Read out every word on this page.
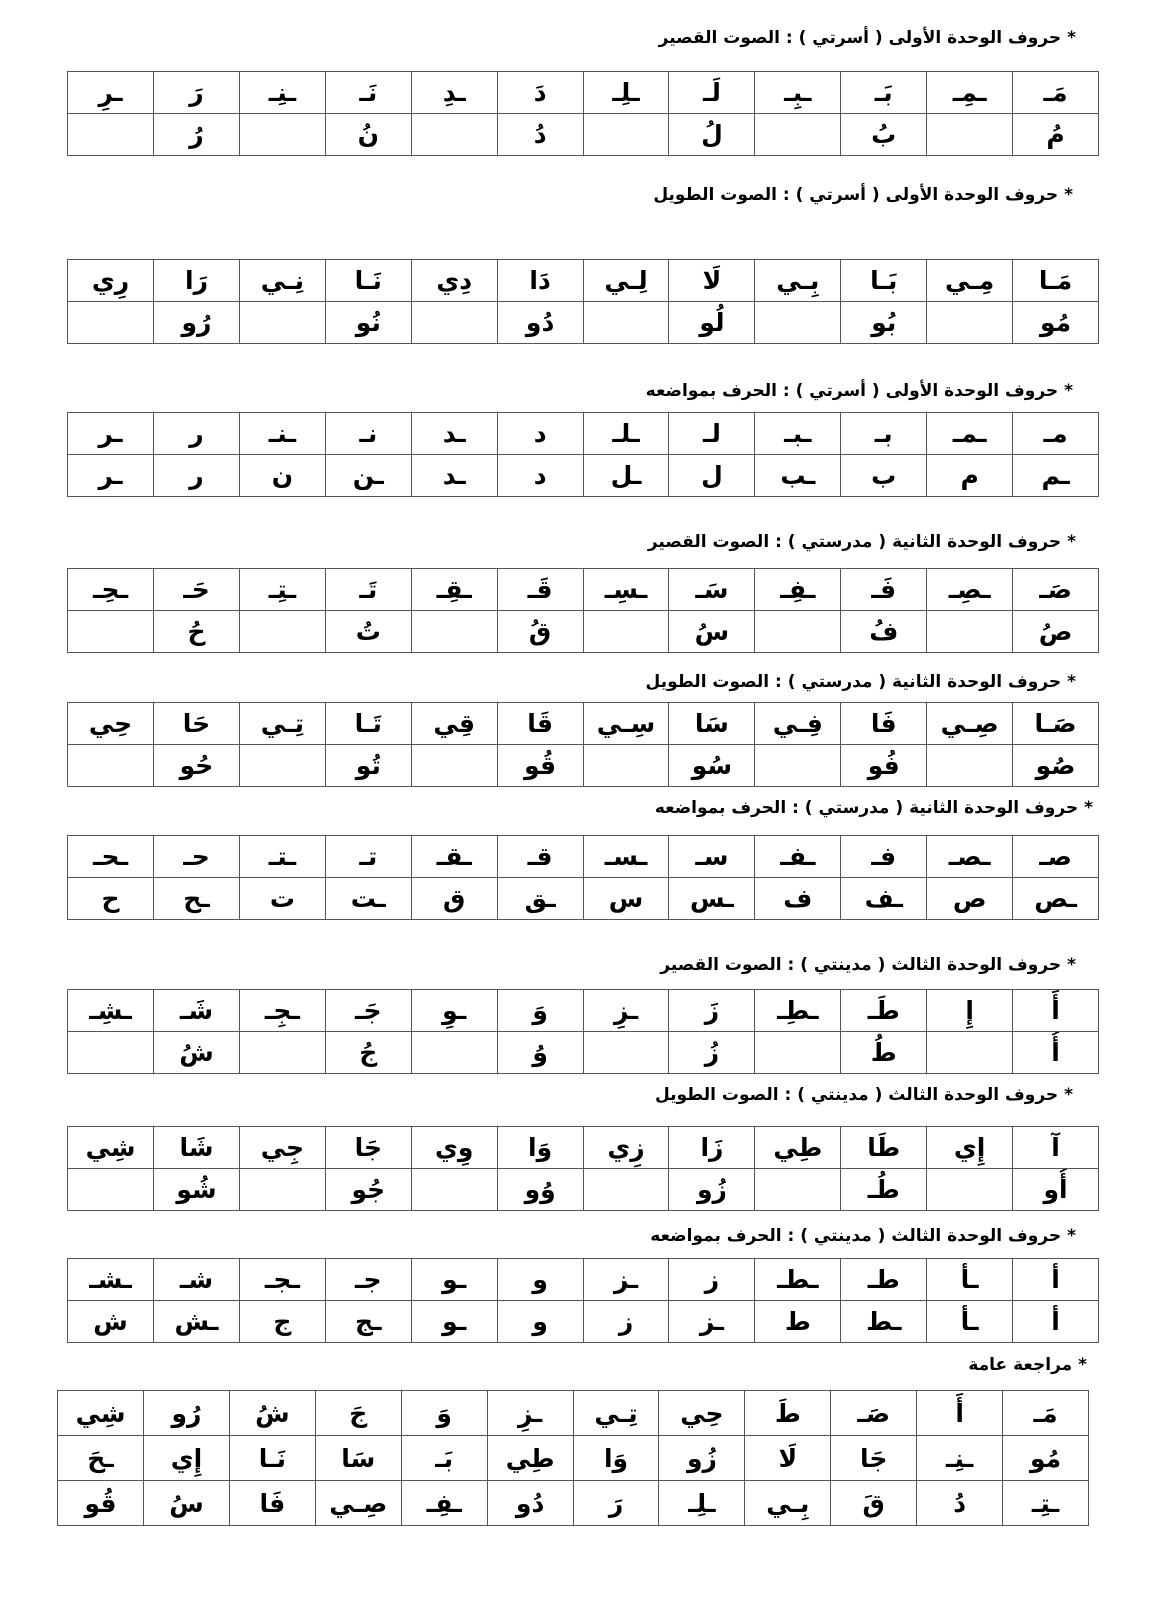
* حروف الوحدة الأولى ( أسرتي ) : الصوت القصير
مَـ	ـمِـ	بَـ	ـبِـ	لَـ	ـلِـ	دَ	ـدِ	نَـ	ـنِـ	رَ	ـرِ
مُ		بُ		لُ		دُ		نُ		رُ	
* حروف الوحدة الأولى ( أسرتي ) : الصوت الطويل
مَـا	مِـي	بَـا	بِـي	لَا	لِـي	دَا	دِي	نَـا	نِـي	رَا	رِي
مُو		بُو		لُو		دُو		نُو		رُو	
* حروف الوحدة الأولى ( أسرتي ) : الحرف بمواضعه
مـ	ـمـ	بـ	ـبـ	لـ	ـلـ	د	ـد	نـ	ـنـ	ر	ـر
ـم	م	ب	ـب	ل	ـل	د	ـد	ـن	ن	ر	ـر
* حروف الوحدة الثانية ( مدرستي ) : الصوت القصير
صَـ	ـصِـ	فَـ	ـفِـ	سَـ	ـسِـ	قَـ	ـقِـ	تَـ	ـتِـ	حَـ	ـحِـ
صُ		فُ		سُ		قُ		تُ		حُ	
* حروف الوحدة الثانية ( مدرستي ) : الصوت الطويل
صَـا	صِـي	فَا	فِـي	سَا	سِـي	قَا	قِي	تَـا	تِـي	حَا	حِي
صُو		فُو		سُو		قُو		تُو		حُو	
* حروف الوحدة الثانية ( مدرستي ) : الحرف بمواضعه
صـ	ـصـ	فـ	ـفـ	سـ	ـسـ	قـ	ـقـ	تـ	ـتـ	حـ	ـحـ
ـص	ص	ـف	ف	ـس	س	ـق	ق	ـت	ت	ـح	ح
* حروف الوحدة الثالث ( مدينتي ) : الصوت القصير
أَ	إِ	طَـ	ـطِـ	زَ	ـزِ	وَ	ـوِ	جَـ	ـجِـ	شَـ	ـشِـ
أُ		طُ		زُ		وُ		جُ		شُ	
* حروف الوحدة الثالث ( مدينتي ) : الصوت الطويل
آ	إِي	طَا	طِي	زَا	زِي	وَا	وِي	جَا	جِي	شَا	شِي
أُو		طُـ		زُو		وُو		جُو		شُو	
* حروف الوحدة الثالث ( مدينتي ) : الحرف بمواضعه
أ	ـأ	طـ	ـطـ	ز	ـز	و	ـو	جـ	ـجـ	شـ	ـشـ
أ	ـأ	ـط	ط	ـز	ز	و	ـو	ـج	ج	ـش	ش
* مراجعة عامة
مَـ	أَ	صَـ	طَ	حِي	تِـي	ـزِ	وَ	جَ	شُ	رُو	شِي
مُو	ـنِـ	جَا	لَا	زُو	وَا	طِي	بَـ	سَا	نَـا	إِي	ـحَ
ـتِـ	دُ	قَ	بِـي	ـلِـ	رَ	دُو	ـفِـ	صِـي	فَا	سُ	قُو
